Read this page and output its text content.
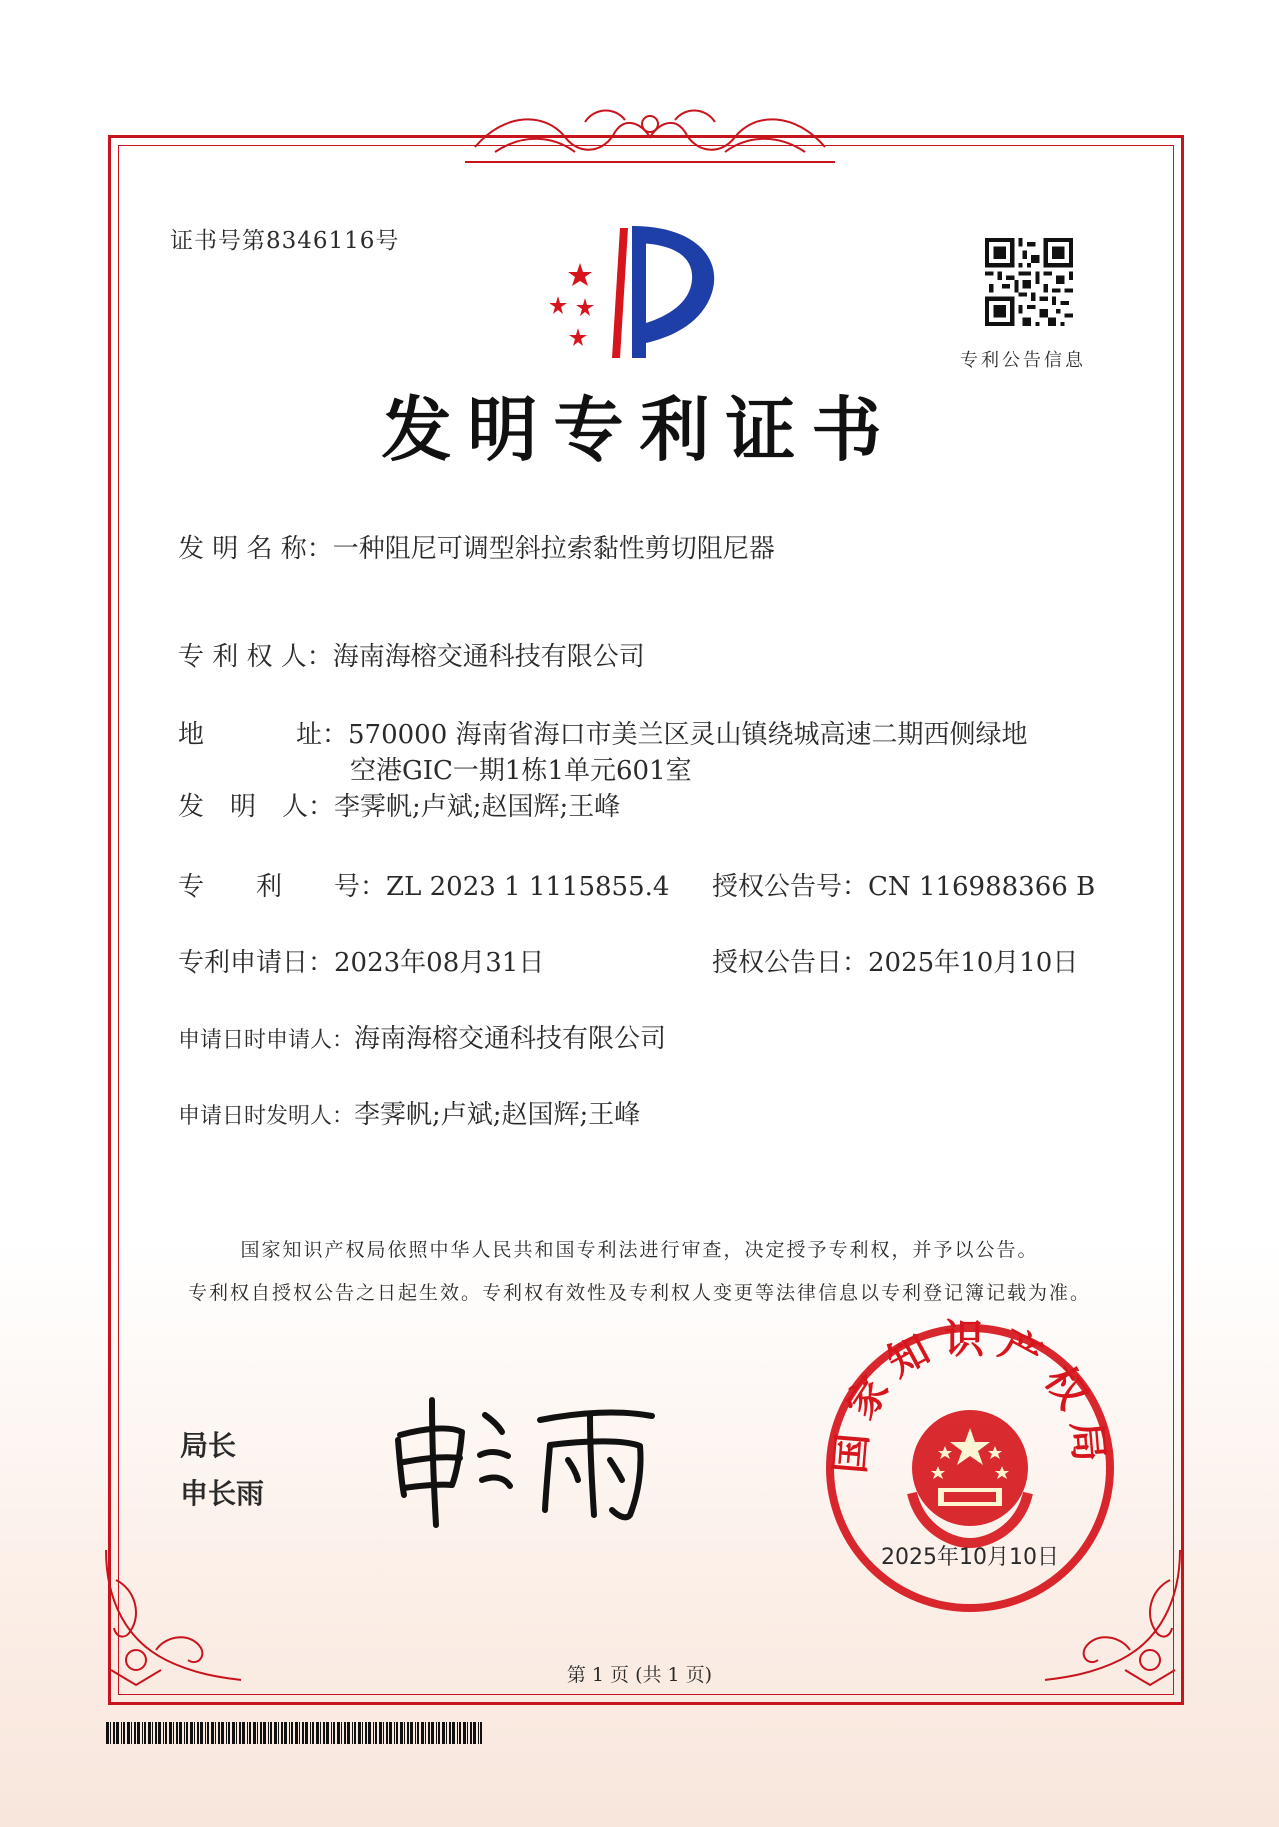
证书号第8346116号
专利公告信息
发明专利证书
发 明 名 称：一种阻尼可调型斜拉索黏性剪切阻尼器
专 利 权 人：海南海榕交通科技有限公司
地	址：570000 海南省海口市美兰区灵山镇绕城高速二期西侧绿地
空港GIC一期1栋1单元601室
发　明　人：李霁帆;卢斌;赵国辉;王峰
专　　利　　号：ZL 2023 1 1115855.4 授权公告号：CN 116988366 B
专利申请日：2023年08月31日	授权公告日：2025年10月10日
申请日时申请人：海南海榕交通科技有限公司
申请日时发明人：李霁帆;卢斌;赵国辉;王峰
国家知识产权局依照中华人民共和国专利法进行审查，决定授予专利权，并予以公告。
专利权自授权公告之日起生效。专利权有效性及专利权人变更等法律信息以专利登记簿记载为准。
局长
申长雨
国家知识产权局
2025年10月10日
第 1 页 (共 1 页)
